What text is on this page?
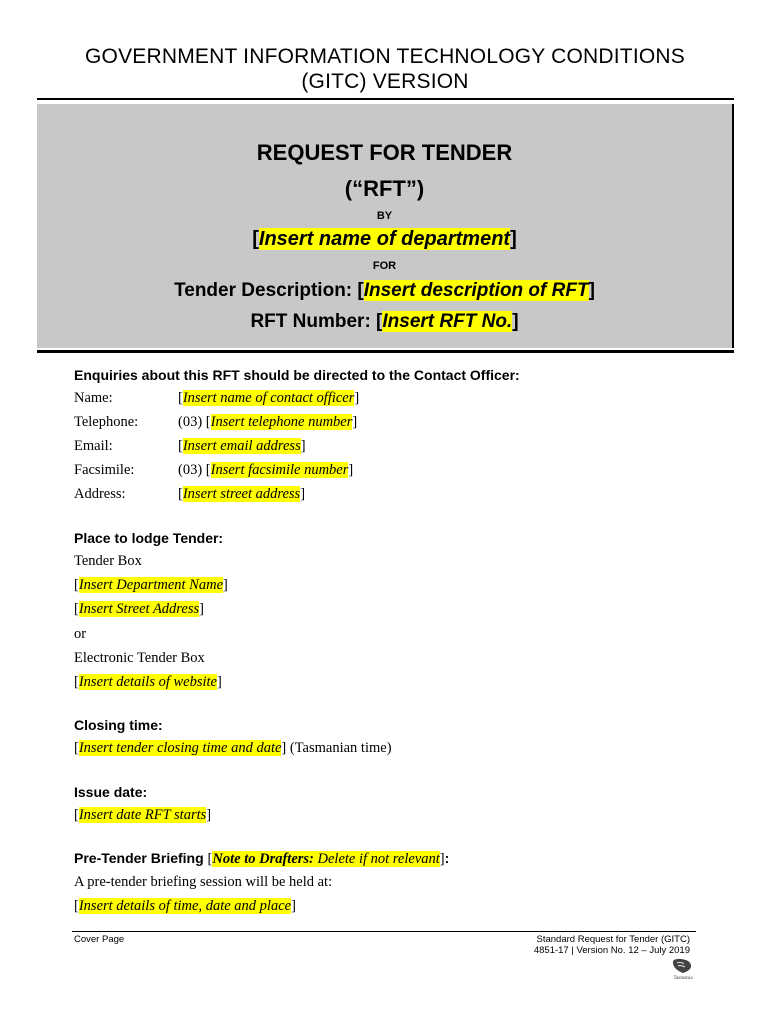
GOVERNMENT INFORMATION TECHNOLOGY CONDITIONS
(GITC) VERSION
REQUEST FOR TENDER
(“RFT”)
BY
[Insert name of department]
FOR
Tender Description: [Insert description of RFT]
RFT Number: [Insert RFT No.]
Enquiries about this RFT should be directed to the Contact Officer:
Name:	[Insert name of contact officer]
Telephone:	(03) [Insert telephone number]
Email:	[Insert email address]
Facsimile:	(03) [Insert facsimile number]
Address:	[Insert street address]
Place to lodge Tender:
Tender Box
[Insert Department Name]
[Insert Street Address]
or
Electronic Tender Box
[Insert details of website]
Closing time:
[Insert tender closing time and date] (Tasmanian time)
Issue date:
[Insert date RFT starts]
Pre-Tender Briefing [Note to Drafters: Delete if not relevant]:
A pre-tender briefing session will be held at:
[Insert details of time, date and place]
Cover Page	Standard Request for Tender (GITC)
4851-17 | Version No. 12 – July 2019
Tasmania
